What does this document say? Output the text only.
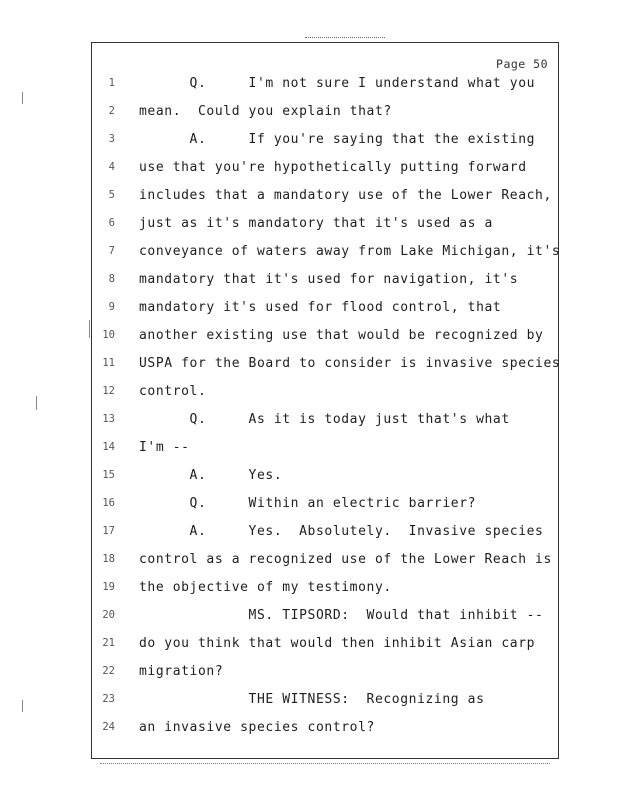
Page 50
1 Q.     I'm not sure I understand what you
2 mean.  Could you explain that?
3 A.     If you're saying that the existing
4 use that you're hypothetically putting forward
5 includes that a mandatory use of the Lower Reach,
6 just as it's mandatory that it's used as a
7 conveyance of waters away from Lake Michigan, it's
8 mandatory that it's used for navigation, it's
9 mandatory it's used for flood control, that
10 another existing use that would be recognized by
11 USPA for the Board to consider is invasive species
12 control.
13 Q.     As it is today just that's what
14 I'm --
15 A.     Yes.
16 Q.     Within an electric barrier?
17 A.     Yes.  Absolutely.  Invasive species
18 control as a recognized use of the Lower Reach is
19 the objective of my testimony.
20 MS. TIPSORD:  Would that inhibit --
21 do you think that would then inhibit Asian carp
22 migration?
23 THE WITNESS:  Recognizing as
24 an invasive species control?
